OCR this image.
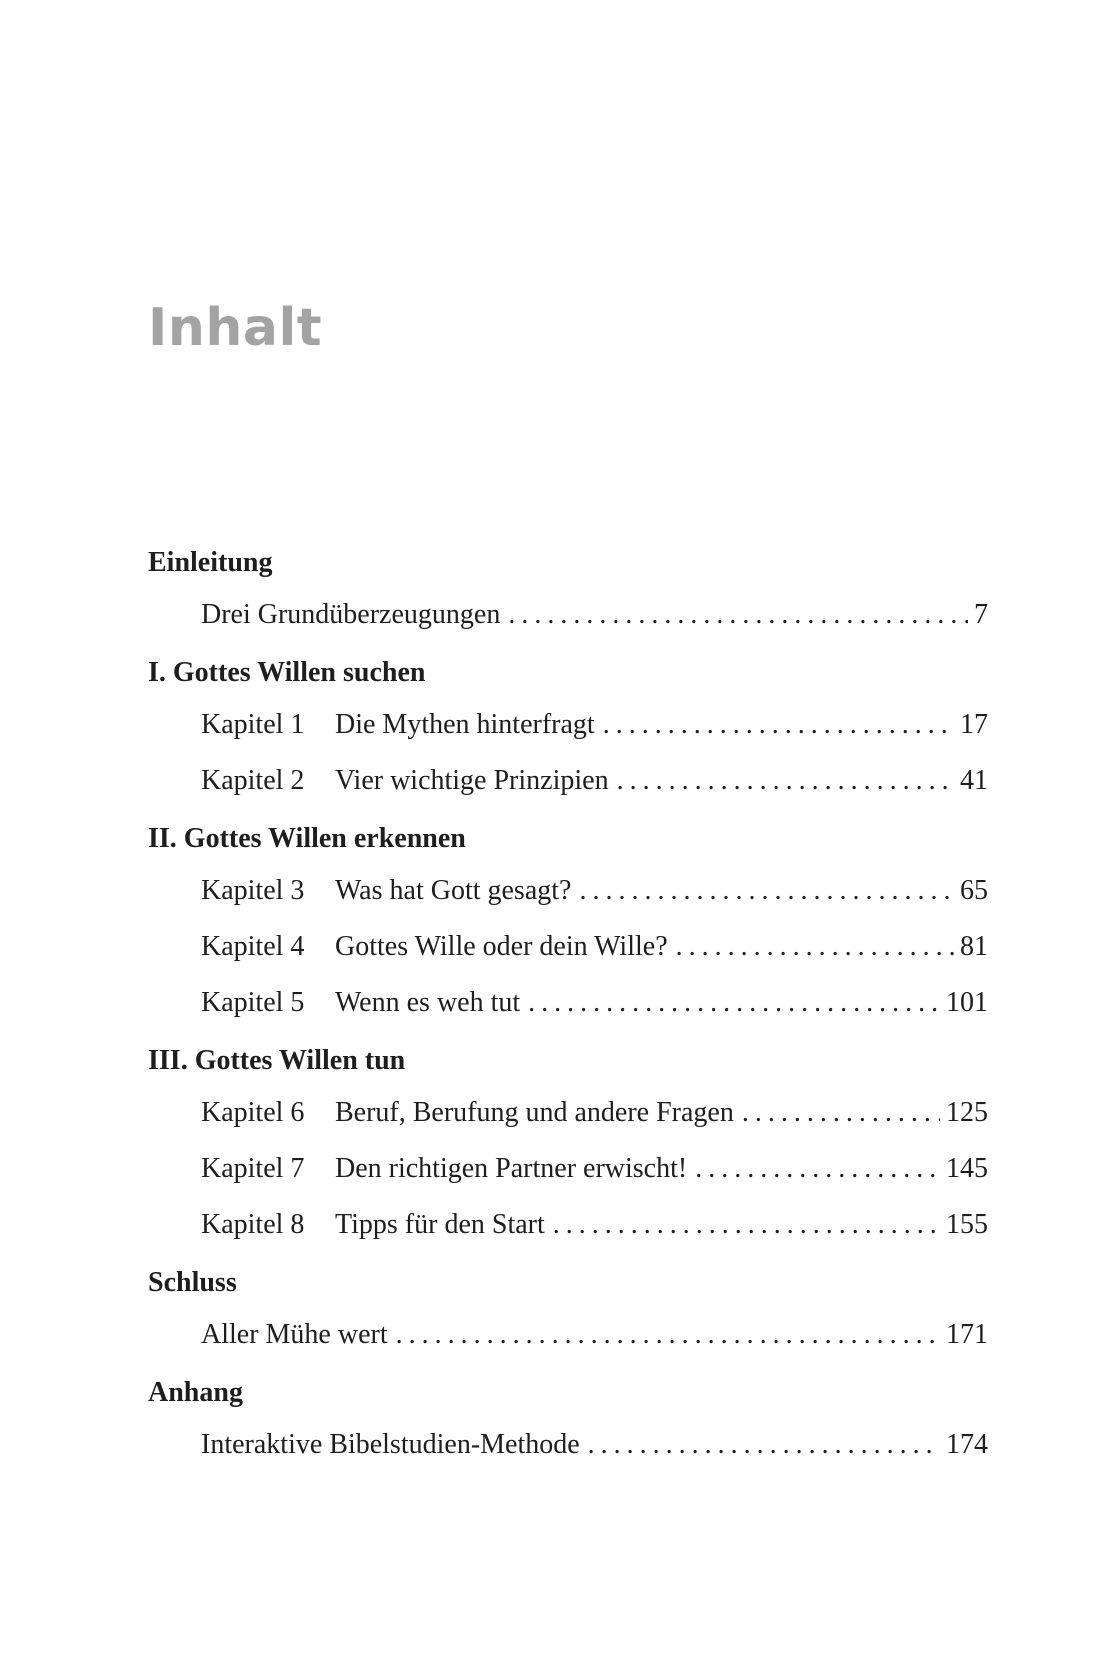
Inhalt
Einleitung
Drei Grundüberzeugungen . . .	7
I. Gottes Willen suchen
Kapitel 1	Die Mythen hinterfragt . . .	17
Kapitel 2	Vier wichtige Prinzipien . . .	41
II. Gottes Willen erkennen
Kapitel 3	Was hat Gott gesagt? . . .	65
Kapitel 4	Gottes Wille oder dein Wille? . . .	81
Kapitel 5	Wenn es weh tut . . .	101
III. Gottes Willen tun
Kapitel 6	Beruf, Berufung und andere Fragen . . .	125
Kapitel 7	Den richtigen Partner erwischt! . . .	145
Kapitel 8	Tipps für den Start . . .	155
Schluss
Aller Mühe wert . . .	171
Anhang
Interaktive Bibelstudien-Methode . . .	174
